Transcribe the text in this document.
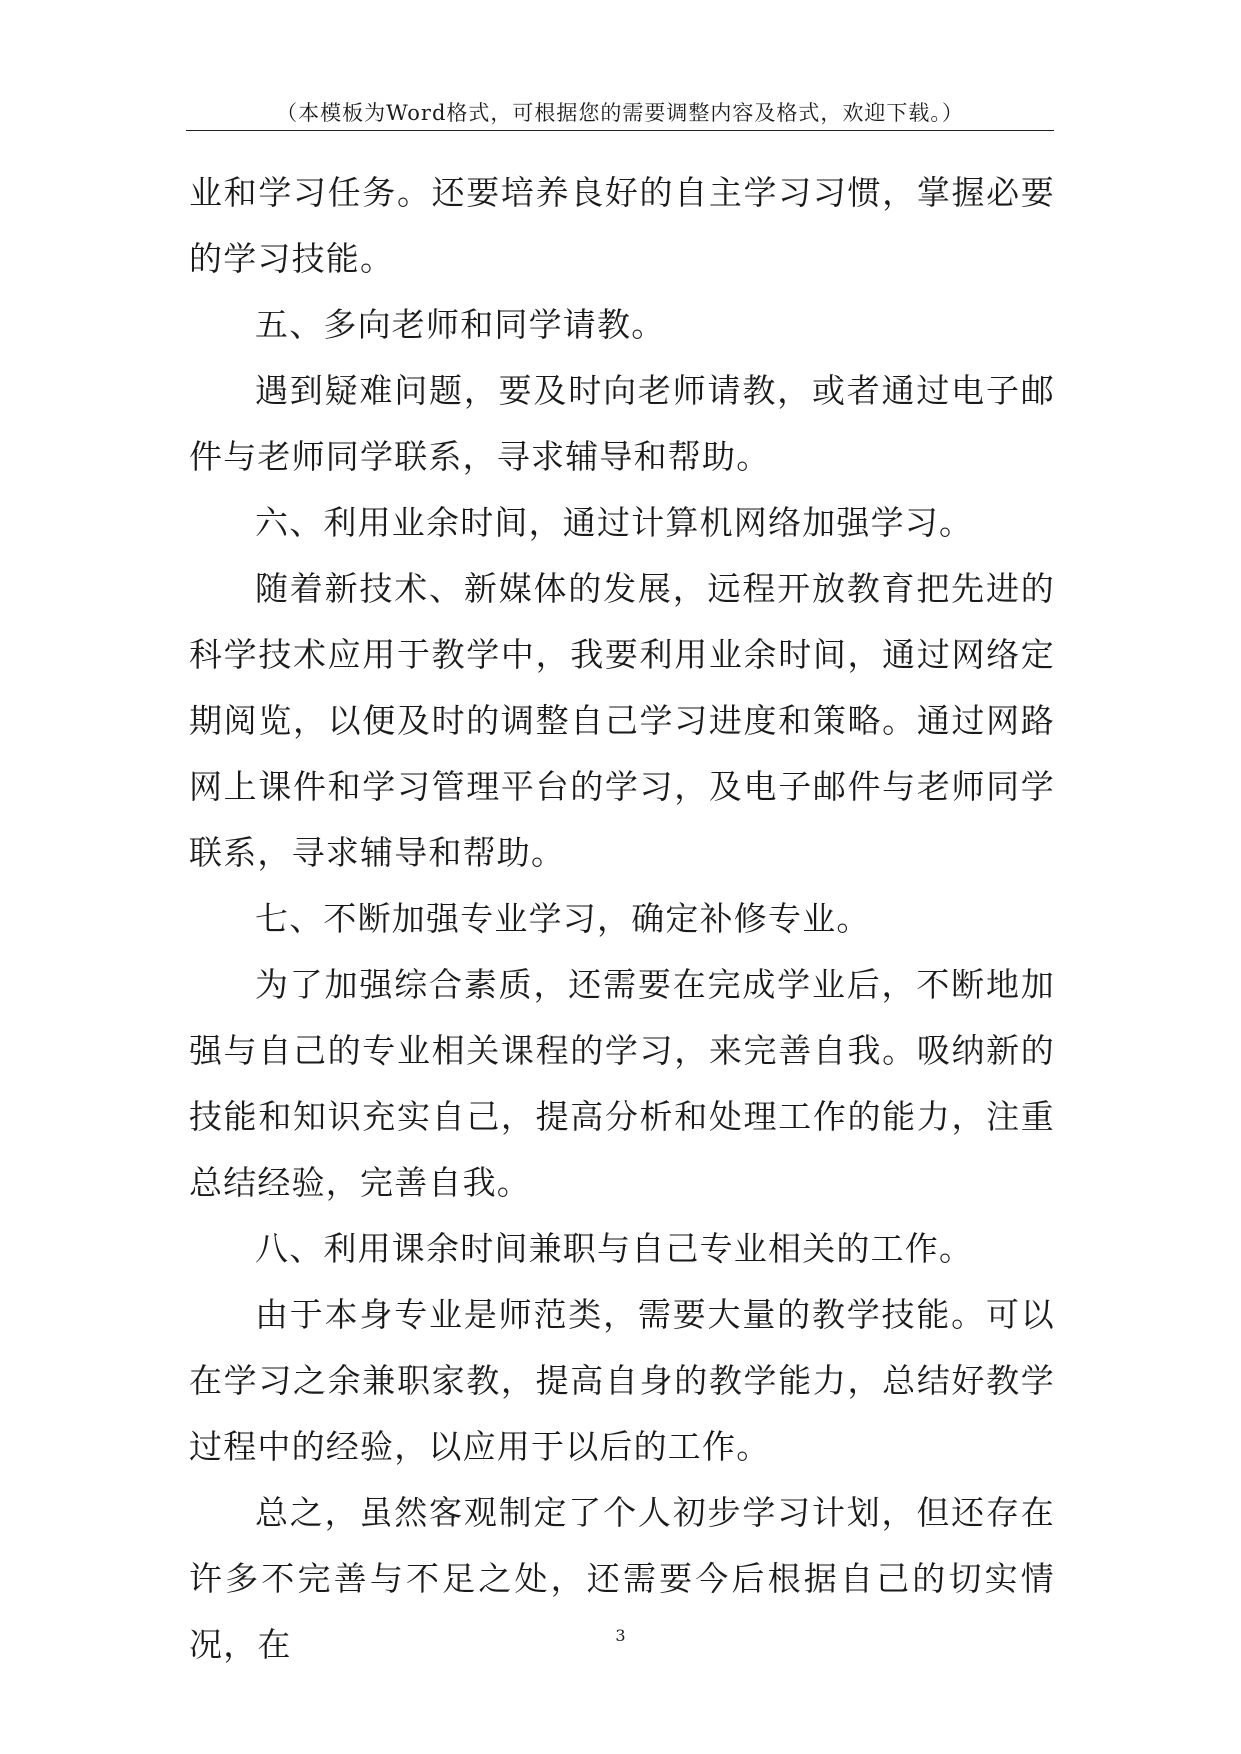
（本模板为Word格式，可根据您的需要调整内容及格式，欢迎下载。）

业和学习任务。还要培养良好的自主学习习惯，掌握必要的学习技能。

五、多向老师和同学请教。

遇到疑难问题，要及时向老师请教，或者通过电子邮件与老师同学联系，寻求辅导和帮助。

六、利用业余时间，通过计算机网络加强学习。

随着新技术、新媒体的发展，远程开放教育把先进的科学技术应用于教学中，我要利用业余时间，通过网络定期阅览，以便及时的调整自己学习进度和策略。通过网路网上课件和学习管理平台的学习，及电子邮件与老师同学联系，寻求辅导和帮助。

七、不断加强专业学习，确定补修专业。

为了加强综合素质，还需要在完成学业后，不断地加强与自己的专业相关课程的学习，来完善自我。吸纳新的技能和知识充实自己，提高分析和处理工作的能力，注重总结经验，完善自我。

八、利用课余时间兼职与自己专业相关的工作。

由于本身专业是师范类，需要大量的教学技能。可以在学习之余兼职家教，提高自身的教学能力，总结好教学过程中的经验，以应用于以后的工作。

总之，虽然客观制定了个人初步学习计划，但还存在许多不完善与不足之处，还需要今后根据自己的切实情况，在	3
